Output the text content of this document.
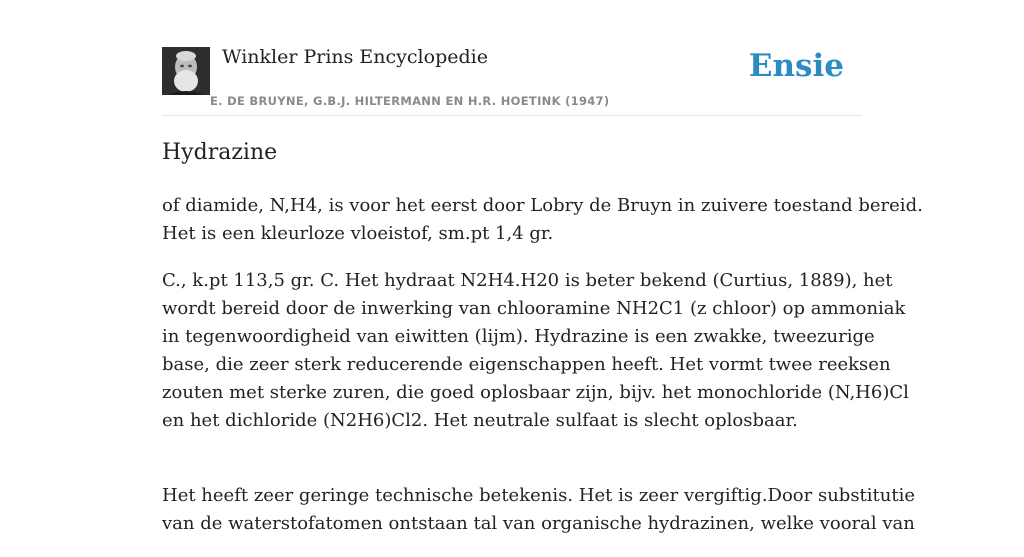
Winkler Prins Encyclopedie
E. DE BRUYNE, G.B.J. HILTERMANN EN H.R. HOETINK (1947)
Ensie
Hydrazine

of diamide, N,H4, is voor het eerst door Lobry de Bruyn in zuivere toestand bereid.
Het is een kleurloze vloeistof, sm.pt 1,4 gr.

C., k.pt 113,5 gr. C. Het hydraat N2H4.H20 is beter bekend (Curtius, 1889), het
wordt bereid door de inwerking van chlooramine NH2C1 (z chloor) op ammoniak
in tegenwoordigheid van eiwitten (lijm). Hydrazine is een zwakke, tweezurige
base, die zeer sterk reducerende eigenschappen heeft. Het vormt twee reeksen
zouten met sterke zuren, die goed oplosbaar zijn, bijv. het monochloride (N,H6)Cl
en het dichloride (N2H6)Cl2. Het neutrale sulfaat is slecht oplosbaar.

Het heeft zeer geringe technische betekenis. Het is zeer vergiftig.Door substitutie
van de waterstofatomen ontstaan tal van organische hydrazinen, welke vooral van
